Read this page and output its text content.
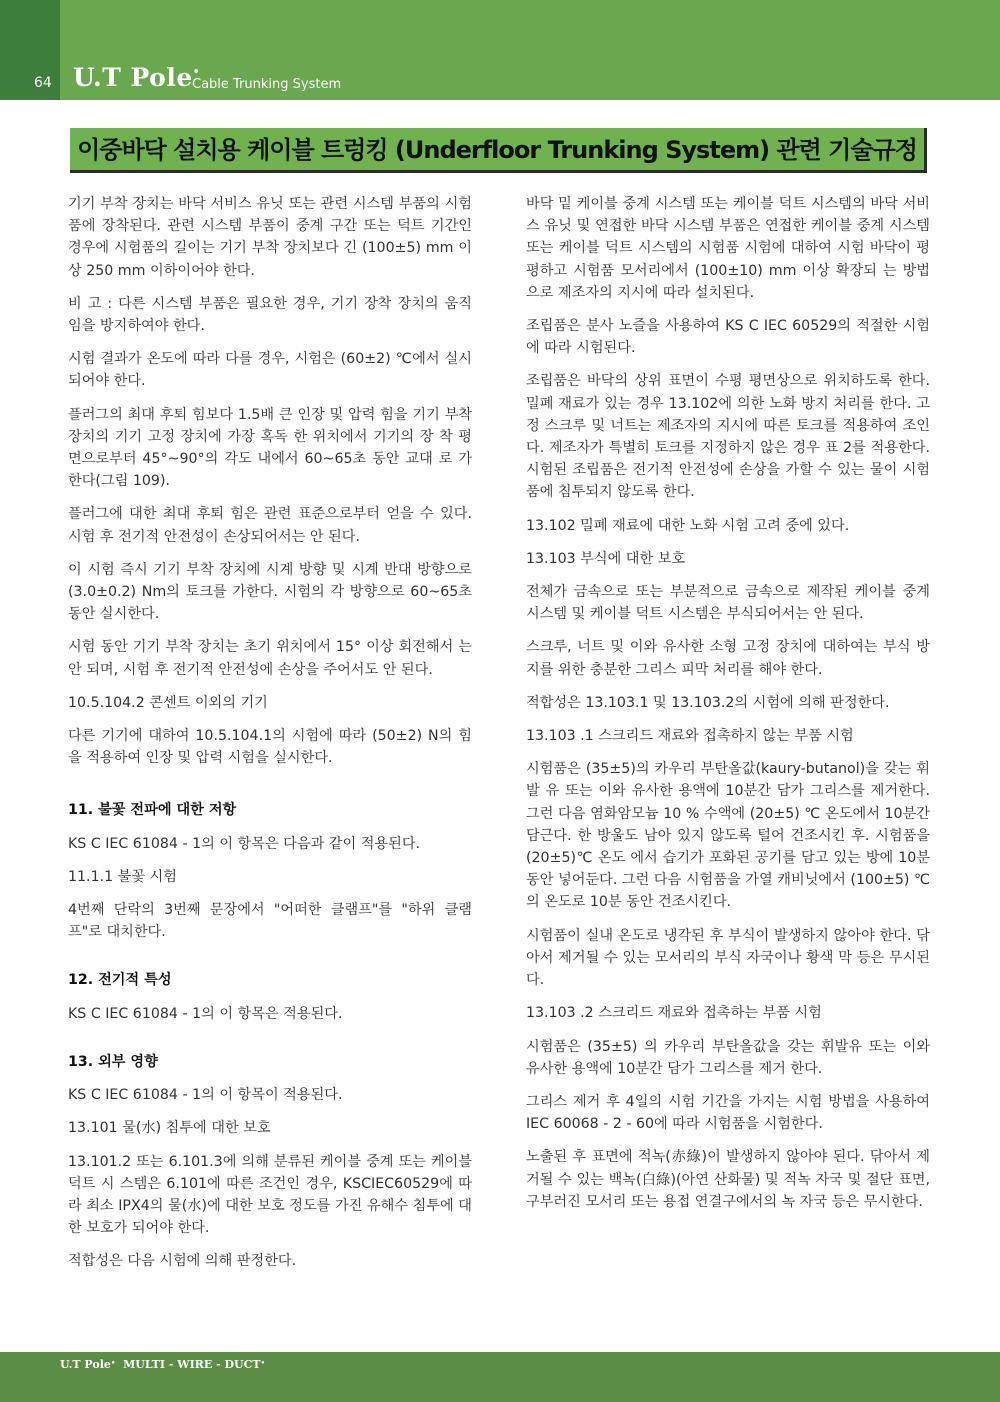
64 U.T Pole•
Cable Trunking System
이중바닥 설치용 케이블 트렁킹 (Underfloor Trunking System) 관련 기술규정

기기 부착 장치는 바닥 서비스 유닛 또는 관련 시스템 부품의 시험품에 장착된다. 관련 시스템 부품이 중계 구간 또는 덕트 기간인 경우에 시험품의 길이는 기기 부착 장치보다 긴 (100±5) mm 이상 250 mm 이하이어야 한다.

비 고 : 다른 시스템 부품은 필요한 경우, 기기 장착 장치의 움직 임을 방지하여야 한다.

시험 결과가 온도에 따라 다를 경우, 시험은 (60±2) ℃에서 실시되어야 한다.

플러그의 최대 후퇴 힘보다 1.5배 큰 인장 및 압력 힘을 기기 부착 장치의 기기 고정 장치에 가장 혹독 한 위치에서 기기의 장 착 평면으로부터 45°~90°의 각도 내에서 60~65초 동안 교대 로 가한다(그림 109).

플러그에 대한 최대 후퇴 힘은 관련 표준으로부터 얻을 수 있다. 시험 후 전기적 안전성이 손상되어서는 안 된다.

이 시험 즉시 기기 부착 장치에 시계 방향 및 시계 반대 방향으로 (3.0±0.2) Nm의 토크를 가한다. 시험의 각 방향으로 60~65초 동안 실시한다.

시험 동안 기기 부착 장치는 초기 위치에서 15° 이상 회전해서 는 안 되며, 시험 후 전기적 안전성에 손상을 주어서도 안 된다.

10.5.104.2 콘센트 이외의 기기

다른 기기에 대하여 10.5.104.1의 시험에 따라 (50±2) N의 힘을 적용하여 인장 및 압력 시험을 실시한다.

11. 불꽃 전파에 대한 저항

KS C IEC 61084 - 1의 이 항목은 다음과 같이 적용된다.

11.1.1 불꽃 시험

4번째 단락의 3번째 문장에서 "어떠한 클램프"를 "하위 클램 프"로 대치한다.

12. 전기적 특성

KS C IEC 61084 - 1의 이 항목은 적용된다.

13. 외부 영향

KS C IEC 61084 - 1의 이 항목이 적용된다.

13.101 물(水) 침투에 대한 보호

13.101.2 또는 6.101.3에 의해 분류된 케이블 중계 또는 케이블 덕트 시 스템은 6.101에 따른 조건인 경우, KSCIEC60529에 따라 최소 IPX4의 물(水)에 대한 보호 정도를 가진 유해수 침투에 대한 보호가 되어야 한다.

적합성은 다음 시험에 의해 판정한다.

바닥 밑 케이블 중계 시스템 또는 케이블 덕트 시스템의 바닥 서비스 유닛 및 연접한 바닥 시스템 부품은 연접한 케이블 중계 시스템 또는 케이블 덕트 시스템의 시험품 시험에 대하여 시험 바닥이 평평하고 시험품 모서리에서 (100±10) mm 이상 확장되 는 방법으로 제조자의 지시에 따라 설치된다.

조립품은 분사 노즐을 사용하여 KS C IEC 60529의 적절한 시험 에 따라 시험된다.

조립품은 바닥의 상위 표면이 수평 평면상으로 위치하도록 한다. 밀폐 재료가 있는 경우 13.102에 의한 노화 방지 처리를 한다. 고정 스크루 및 너트는 제조자의 지시에 따른 토크를 적용하여 조인다. 제조자가 특별히 토크를 지정하지 않은 경우 표 2를 적용한다. 시험된 조립품은 전기적 안전성에 손상을 가할 수 있는 물이 시험품에 침투되지 않도록 한다.

13.102 밀폐 재료에 대한 노화 시험 고려 중에 있다.

13.103 부식에 대한 보호

전체가 금속으로 또는 부분적으로 금속으로 제작된 케이블 중계 시스템 및 케이블 덕트 시스템은 부식되어서는 안 된다.

스크루, 너트 및 이와 유사한 소형 고정 장치에 대하여는 부식 방지를 위한 충분한 그리스 피막 처리를 해야 한다.

적합성은 13.103.1 및 13.103.2의 시험에 의해 판정한다.

13.103 .1 스크리드 재료와 접촉하지 않는 부품 시험

시험품은 (35±5)의 카우리 부탄올값(kaury-butanol)을 갖는 휘발 유 또는 이와 유사한 용액에 10분간 담가 그리스를 제거한다. 그런 다음 염화암모늄 10 % 수액에 (20±5) ℃ 온도에서 10분간 담근다. 한 방울도 남아 있지 않도록 털어 건조시킨 후. 시험품을 (20±5)℃ 온도 에서 습기가 포화된 공기를 담고 있는 방에 10분 동안 넣어둔다. 그런 다음 시험품을 가열 캐비닛에서 (100±5) ℃의 온도로 10분 동안 건조시킨다.

시험품이 실내 온도로 냉각된 후 부식이 발생하지 않아야 한다. 닦아서 제거될 수 있는 모서리의 부식 자국이나 황색 막 등은 무시된다.

13.103 .2 스크리드 재료와 접촉하는 부품 시험

시험품은 (35±5) 의 카우리 부탄올값을 갖는 휘발유 또는 이와 유사한 용액에 10분간 담가 그리스를 제거 한다.

그리스 제거 후 4일의 시험 기간을 가지는 시험 방법을 사용하여 IEC 60068 - 2 - 60에 따라 시험품을 시험한다.

노출된 후 표면에 적녹(赤綠)이 발생하지 않아야 된다. 닦아서 제거될 수 있는 백녹(白綠)(아연 산화물) 및 적녹 자국 및 절단 표면, 구부러진 모서리 또는 용접 연결구에서의 녹 자국 등은 무시한다.

U.T Pole• MULTI - WIRE - DUCT•
